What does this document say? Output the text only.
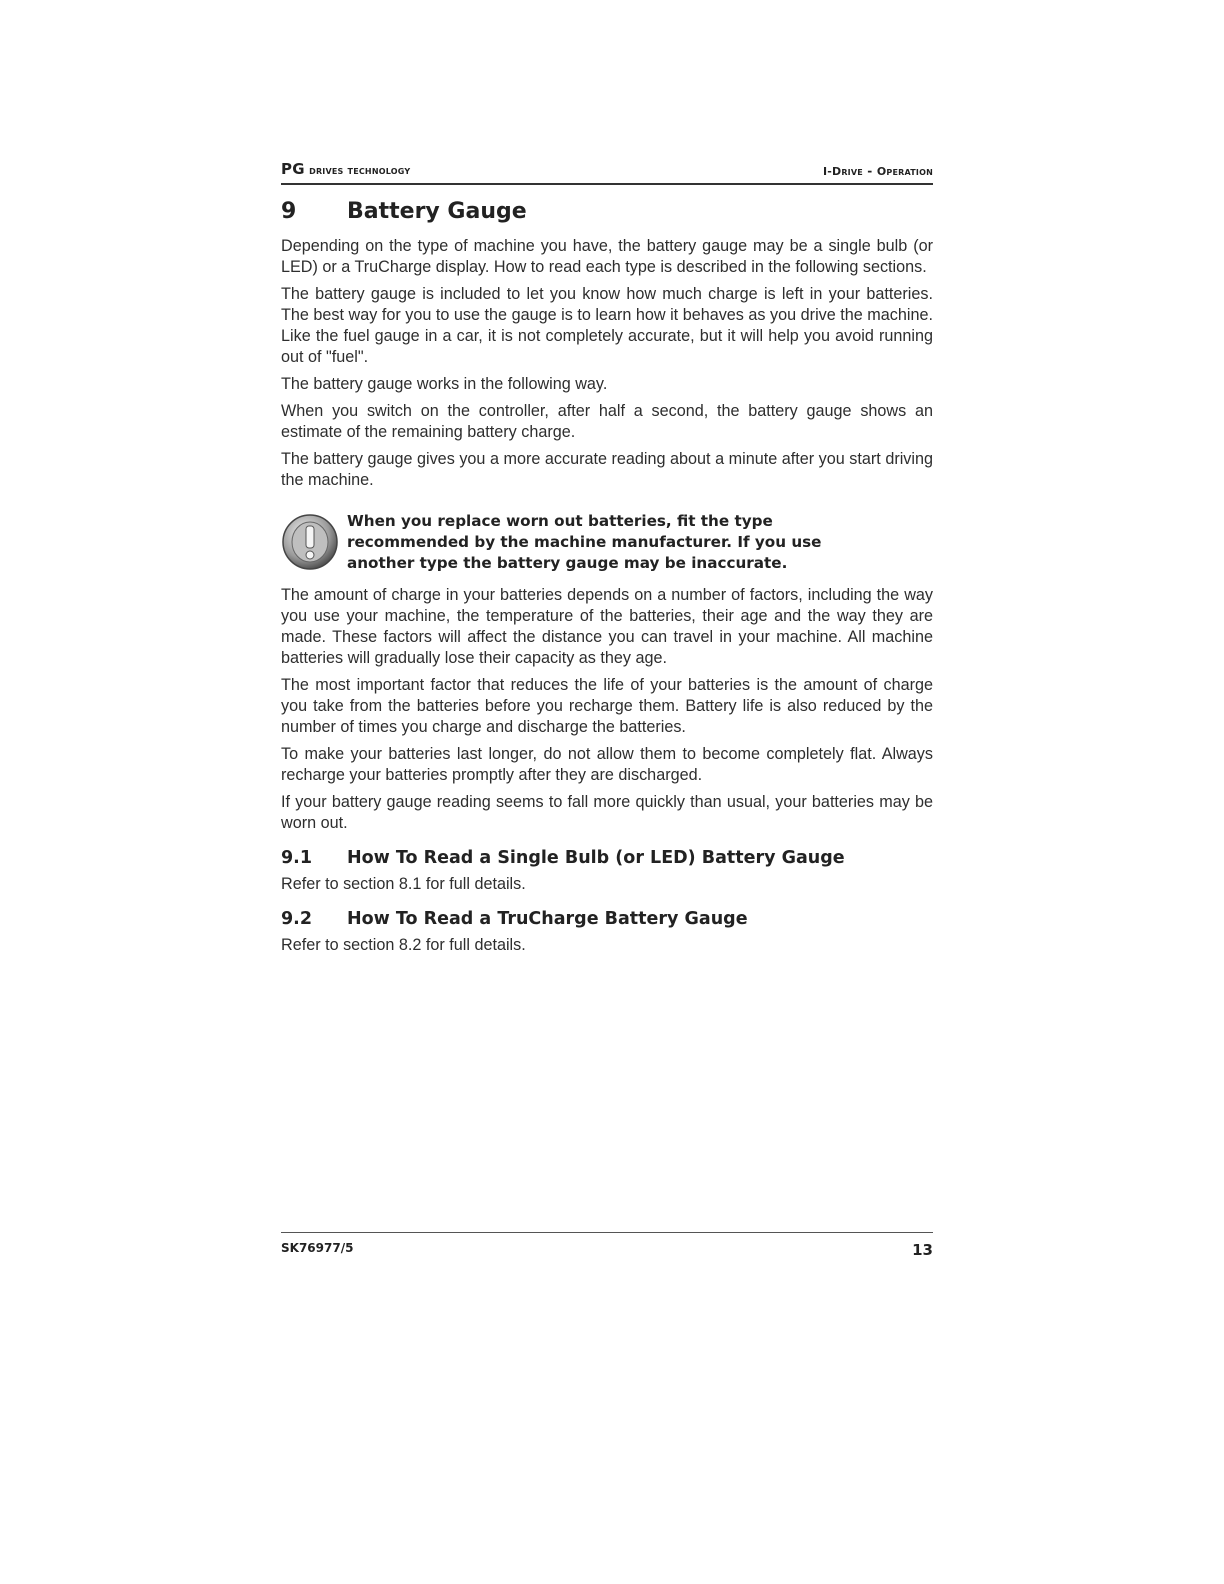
PG drives technology	I-Drive - Operation
9	Battery Gauge

Depending on the type of machine you have, the battery gauge may be a single bulb (or LED) or a TruCharge display. How to read each type is described in the following sections.

The battery gauge is included to let you know how much charge is left in your batteries. The best way for you to use the gauge is to learn how it behaves as you drive the machine. Like the fuel gauge in a car, it is not completely accurate, but it will help you avoid running out of "fuel".

The battery gauge works in the following way.

When you switch on the controller, after half a second, the battery gauge shows an estimate of the remaining battery charge.

The battery gauge gives you a more accurate reading about a minute after you start driving the machine.

When you replace worn out batteries, fit the type recommended by the machine manufacturer. If you use another type the battery gauge may be inaccurate.

The amount of charge in your batteries depends on a number of factors, including the way you use your machine, the temperature of the batteries, their age and the way they are made. These factors will affect the distance you can travel in your machine. All machine batteries will gradually lose their capacity as they age.

The most important factor that reduces the life of your batteries is the amount of charge you take from the batteries before you recharge them. Battery life is also reduced by the number of times you charge and discharge the batteries.

To make your batteries last longer, do not allow them to become completely flat. Always recharge your batteries promptly after they are discharged.

If your battery gauge reading seems to fall more quickly than usual, your batteries may be worn out.

9.1	How To Read a Single Bulb (or LED) Battery Gauge

Refer to section 8.1 for full details.

9.2	How To Read a TruCharge Battery Gauge

Refer to section 8.2 for full details.

SK76977/5	13
